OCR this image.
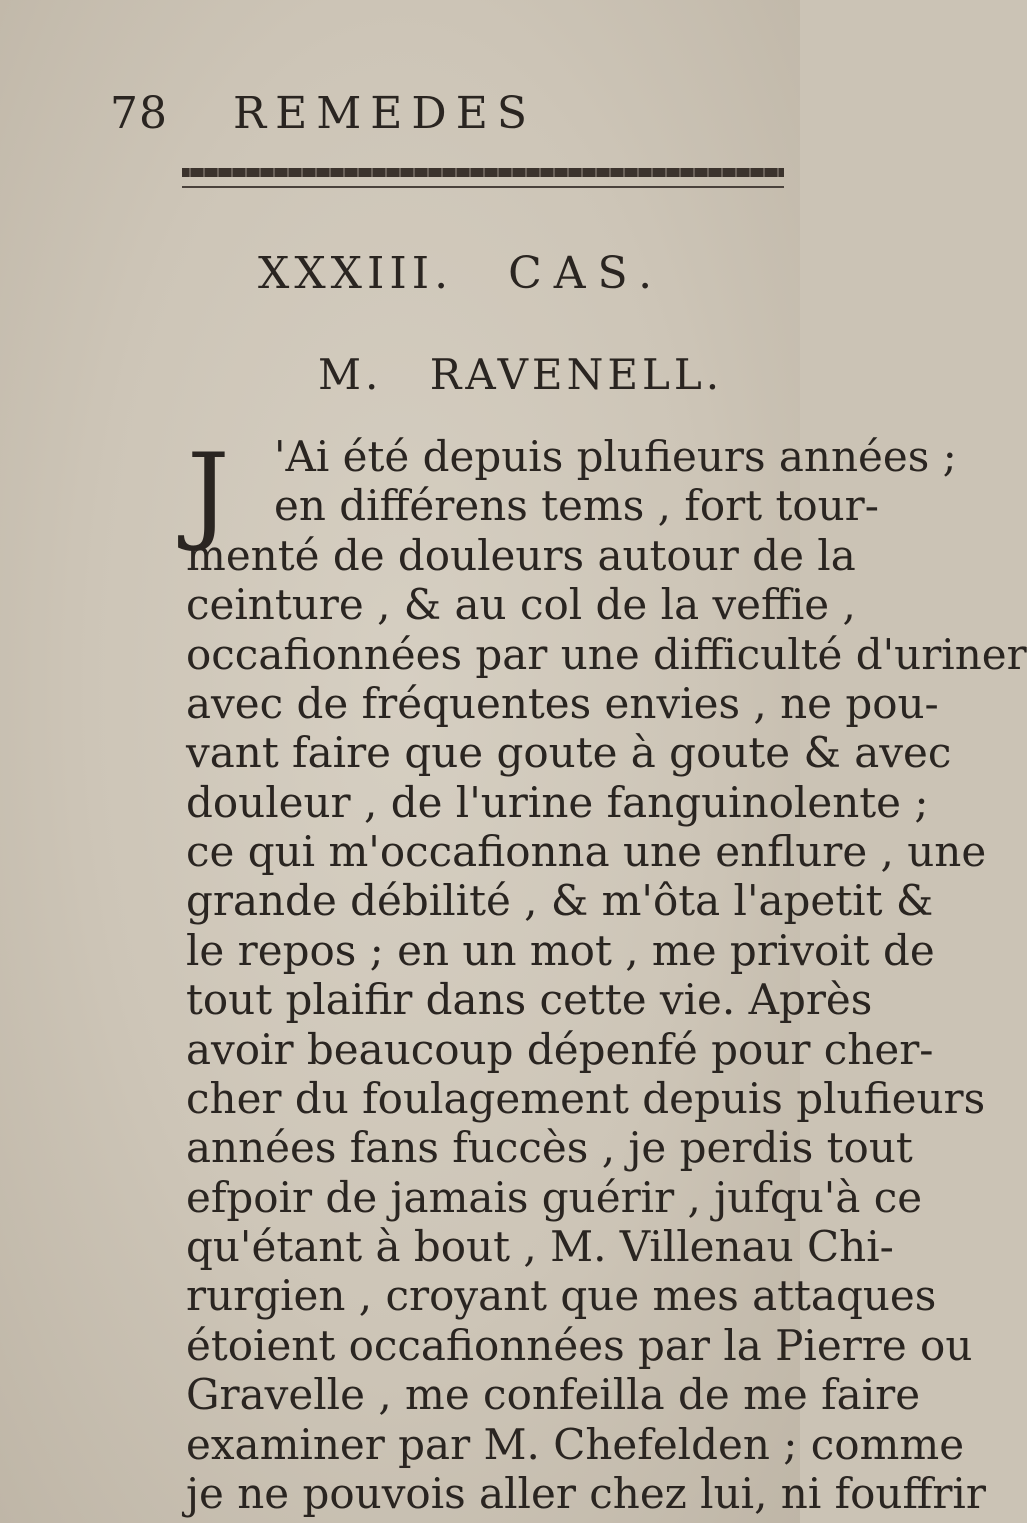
78 REMEDES
XXXIII. CAS.
M. RAVENELL.
J 'Ai été depuis plufieurs années ;
en différens tems , fort tour-
menté de douleurs autour de la
ceinture , & au col de la veffie ,
occafionnées par une difficulté d'uriner
avec de fréquentes envies , ne pou-
vant faire que goute à goute & avec
douleur , de l'urine fanguinolente ;
ce qui m'occafionna une enflure , une
grande débilité , & m'ôta l'apetit &
le repos ; en un mot , me privoit de
tout plaifir dans cette vie. Après
avoir beaucoup dépenfé pour cher-
cher du foulagement depuis plufieurs
années fans fuccès , je perdis tout
efpoir de jamais guérir , jufqu'à ce
qu'étant à bout , M. Villenau Chi-
rurgien , croyant que mes attaques
étoient occafionnées par la Pierre ou
Gravelle , me confeilla de me faire
examiner par M. Chefelden ; comme
je ne pouvois aller chez lui, ni fouffrir
